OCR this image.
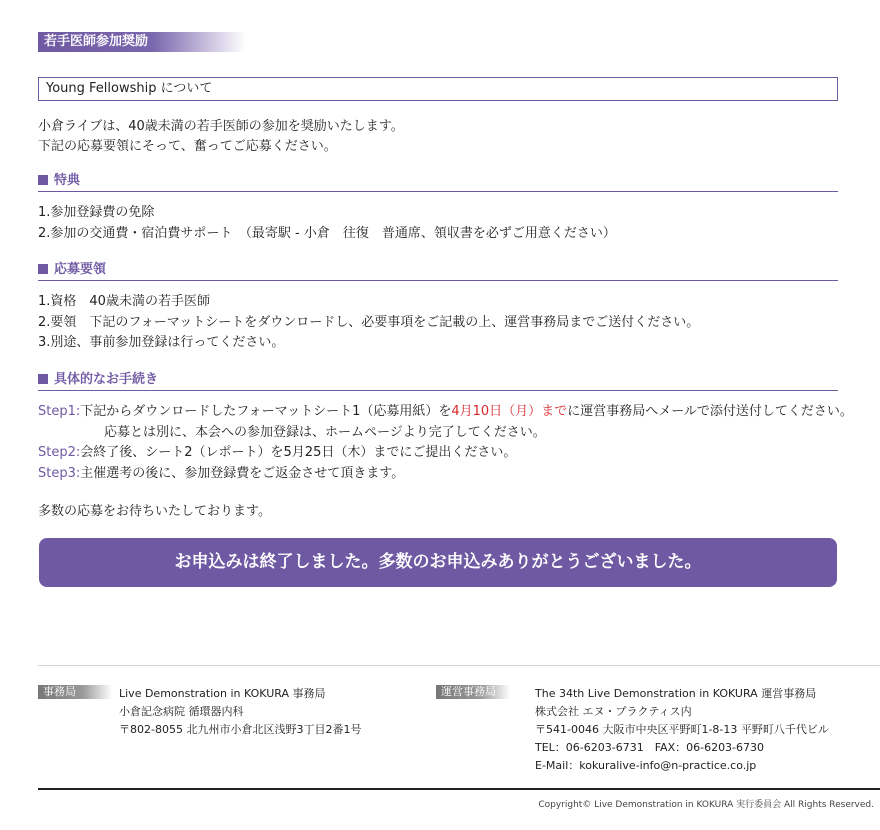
若手医師参加奨励
Young Fellowship について
小倉ライブは、40歳未満の若手医師の参加を奨励いたします。
下記の応募要領にそって、奮ってご応募ください。
特典
1.参加登録費の免除
2.参加の交通費・宿泊費サポート　（最寄駅 - 小倉　往復　普通席、領収書を必ずご用意ください）
応募要領
1.資格　40歳未満の若手医師
2.要領　下記のフォーマットシートをダウンロードし、必要事項をご記載の上、運営事務局までご送付ください。
3.別途、事前参加登録は行ってください。
具体的なお手続き
Step1:下記からダウンロードしたフォーマットシート1（応募用紙）を4月10日（月）までに運営事務局へメールで添付送付してください。
応募とは別に、本会への参加登録は、ホームページより完了してください。
Step2:会終了後、シート2（レポート）を5月25日（木）までにご提出ください。
Step3:主催選考の後に、参加登録費をご返金させて頂きます。
多数の応募をお待ちいたしております。
お申込みは終了しました。多数のお申込みありがとうございました。
事務局	Live Demonstration in KOKURA 事務局
小倉記念病院 循環器内科
〒802-8055 北九州市小倉北区浅野3丁目2番1号
運営事務局	The 34th Live Demonstration in KOKURA 運営事務局
株式会社 エヌ・プラクティス内
〒541-0046 大阪市中央区平野町1-8-13 平野町八千代ビル
TEL：06-6203-6731　FAX：06-6203-6730
E-Mail：kokuralive-info@n-practice.co.jp
Copyright© Live Demonstration in KOKURA 実行委員会 All Rights Reserved.
